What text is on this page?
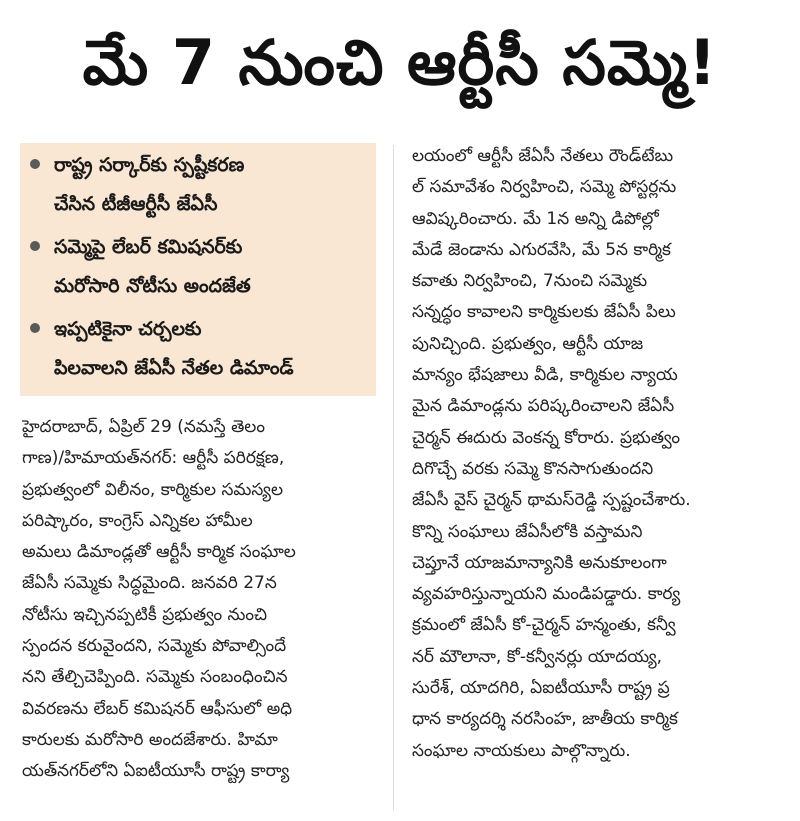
మే 7 నుంచి ఆర్టీసీ సమ్మె!
రాష్ట్ర సర్కార్‌కు స్పష్టీకరణ
చేసిన టీజీఆర్టీసీ జేఏసీ
సమ్మెపై లేబర్ కమిషనర్‌కు
మరోసారి నోటీసు అందజేత
ఇప్పటికైనా చర్చలకు
పిలవాలని జేఏసీ నేతల డిమాండ్
హైదరాబాద్, ఏప్రిల్ 29 (నమస్తే తెలం
గాణ)/హిమాయత్‌నగర్: ఆర్టీసీ పరిరక్షణ,
ప్రభుత్వంలో విలీనం, కార్మికుల సమస్యల
పరిష్కారం, కాంగ్రెస్ ఎన్నికల హామీల
అమలు డిమాండ్లతో ఆర్టీసీ కార్మిక సంఘాల
జేఏసీ సమ్మెకు సిద్ధమైంది. జనవరి 27న
నోటీసు ఇచ్చినప్పటికీ ప్రభుత్వం నుంచి
స్పందన కరువైందని, సమ్మెకు పోవాల్సిందే
నని తేల్చిచెప్పింది. సమ్మెకు సంబంధించిన
వివరణను లేబర్ కమిషనర్ ఆఫీసులో అధి
కారులకు మరోసారి అందజేశారు. హిమా
యత్‌నగర్‌లోని ఏఐటీయూసీ రాష్ట్ర కార్యా
లయంలో ఆర్టీసీ జేఏసీ నేతలు రౌండ్‌టేబు
ల్ సమావేశం నిర్వహించి, సమ్మె పోస్టర్లను
ఆవిష్కరించారు. మే 1న అన్ని డిపోల్లో
మేడే జెండాను ఎగురవేసి, మే 5న కార్మిక
కవాతు నిర్వహించి, 7నుంచి సమ్మెకు
సన్నద్ధం కావాలని కార్మికులకు జేఏసీ పిలు
పునిచ్చింది. ప్రభుత్వం, ఆర్టీసీ యాజ
మాన్యం భేషజాలు వీడి, కార్మికుల న్యాయ
మైన డిమాండ్లను పరిష్కరించాలని జేఏసీ
చైర్మన్ ఈదురు వెంకన్న కోరారు. ప్రభుత్వం
దిగొచ్చే వరకు సమ్మె కొనసాగుతుందని
జేఏసీ వైస్ చైర్మన్ థామస్‌రెడ్డి స్పష్టంచేశారు.
కొన్ని సంఘాలు జేఏసీలోకి వస్తామని
చెప్తూనే యాజమాన్యానికి అనుకూలంగా
వ్యవహరిస్తున్నాయని మండిపడ్డారు. కార్య
క్రమంలో జేఏసీ కో-చైర్మన్ హన్మంతు, కన్వీ
నర్ మౌలానా, కో-కన్వీనర్లు యాదయ్య,
సురేశ్, యాదగిరి, ఏఐటీయూసీ రాష్ట్ర ప్ర
ధాన కార్యదర్శి నరసింహ, జాతీయ కార్మిక
సంఘాల నాయకులు పాల్గొన్నారు.
